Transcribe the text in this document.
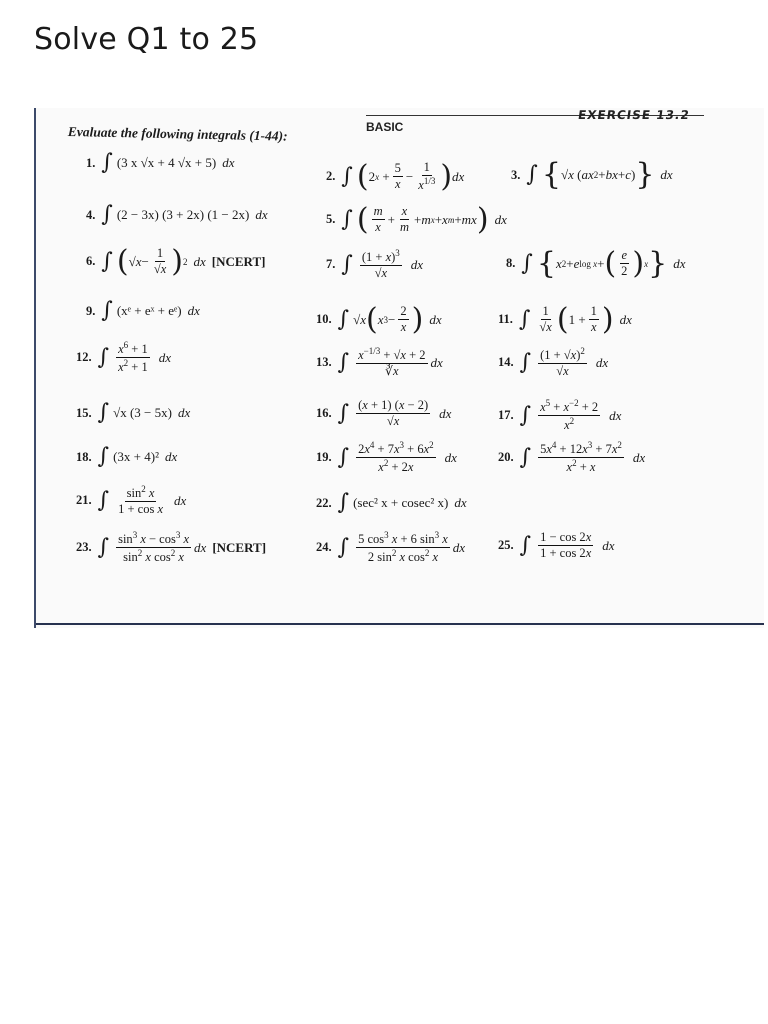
Solve Q1 to 25
EXERCISE 13.2
BASIC
Evaluate the following integrals (1-44):
1. ∫ (3 x √x + 4 √x + 5) dx
2. ∫ ( 2 $x + \frac{5}{x} - \frac{1}{x^{1/3}}$ ) dx	3. ∫ { √ x ( ax 2 + bx + c ) } dx
4. ∫ (2 − 3x) (3 + 2x) (1 − 2x) dx	5. ∫ ( $\frac{m}{x} + \frac{x}{m} + m$ x + x m + mx ) dx
6. ∫ ( √ $x - \frac{1}{√x}$ ) 2 dx [NCERT]	7. ∫ $\frac{(1 + x)^3}{√x}$ dx	8. ∫ { x 2 + e log x + ( $\frac{e}{2}$ ) x } dx
9. ∫ (xᵉ + eˣ + eᵉ) dx
10. ∫ √ x ( x $3 - \frac{2}{x}$ ) dx	11. ∫ $\frac{1}{√x}$ ( $1 + \frac{1}{x}$ ) dx
12. ∫ $\frac{x^6 + 1}{x^2 + 1}$ dx	13. ∫ $\frac{x^{-1/3} + √x + 2}{∛x}$ dx	14. ∫ $\frac{(1 + √x)^2}{√x}$ dx
15. ∫ √x (3 − 5x) dx	16. ∫ $\frac{(x + 1) (x - 2)}{√x}$ dx	17. ∫ $\frac{x^5 + x^{-2} + 2}{x^2}$ dx
18. ∫ (3x + 4)² dx	19. ∫ $\frac{2x^4 + 7x^3 + 6x^2}{x^2 + 2x}$ dx	20. ∫ $\frac{5x^4 + 12x^3 + 7x^2}{x^2 + x}$ dx
21. ∫ $\frac{\sin^2 x}{\text{1 + cos x}}$ dx	22. ∫ (sec² x + cosec² x) dx
23. ∫ $\frac{\sin^3 x - \cos^3 x}{\sin^2 x \cos^2 x}$ dx [NCERT]	24. ∫ $\frac{5 \cos^3 x + 6 \sin^3 x}{2 \sin^2 x \cos^2 x}$ dx	25. ∫ $\frac{1 - \cos 2x}{1 + \cos 2x}$ dx
